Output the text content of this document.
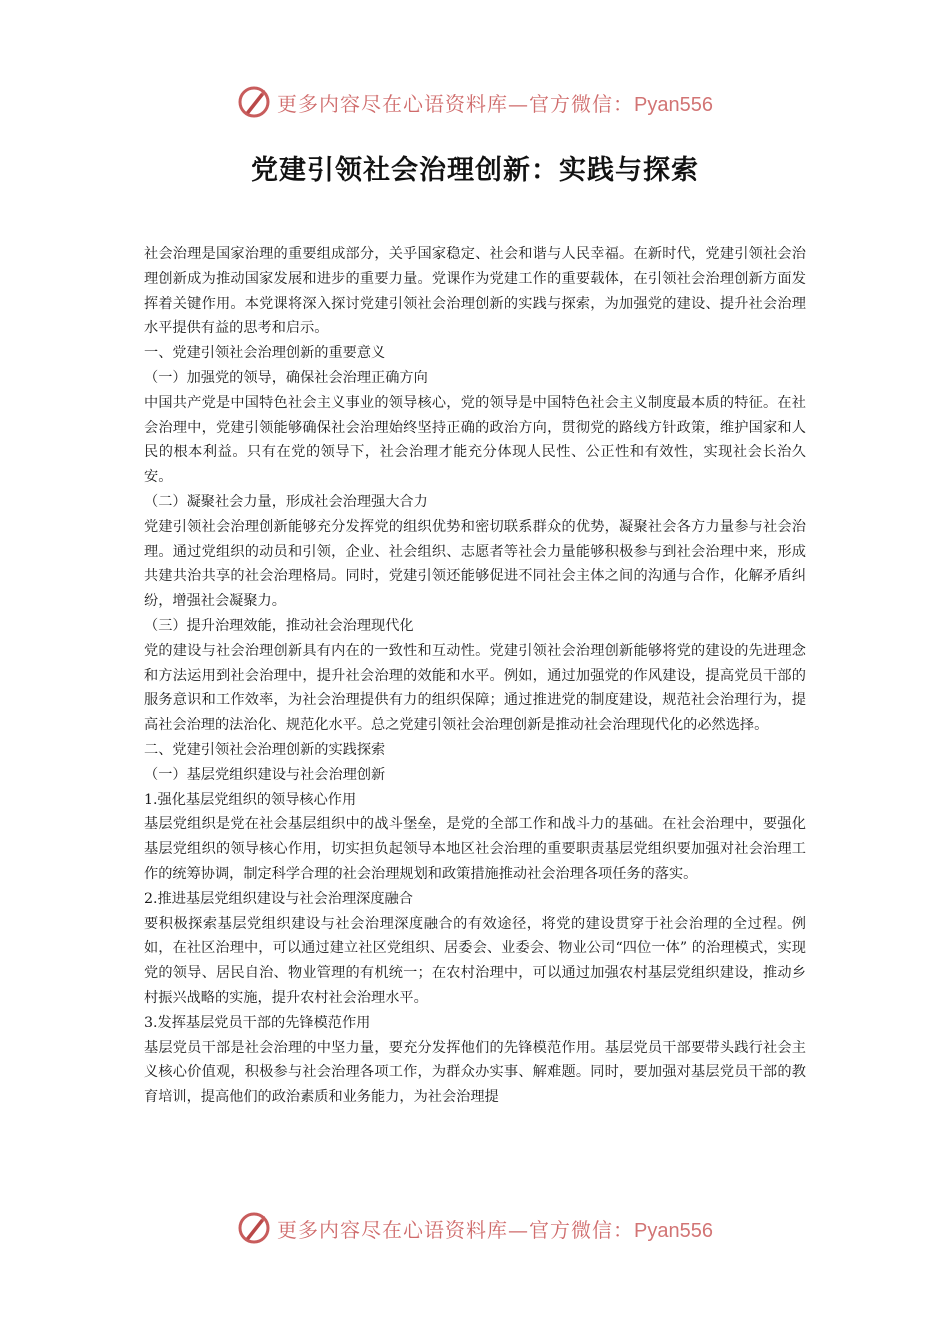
更多内容尽在心语资料库—官方微信：Pyan556
党建引领社会治理创新：实践与探索

社会治理是国家治理的重要组成部分，关乎国家稳定、社会和谐与人民幸福。在新时代，党建引领社会治理创新成为推动国家发展和进步的重要力量。党课作为党建工作的重要载体，在引领社会治理创新方面发挥着关键作用。本党课将深入探讨党建引领社会治理创新的实践与探索，为加强党的建设、提升社会治理水平提供有益的思考和启示。

一、党建引领社会治理创新的重要意义

（一）加强党的领导，确保社会治理正确方向

中国共产党是中国特色社会主义事业的领导核心，党的领导是中国特色社会主义制度最本质的特征。在社会治理中，党建引领能够确保社会治理始终坚持正确的政治方向，贯彻党的路线方针政策，维护国家和人民的根本利益。只有在党的领导下，社会治理才能充分体现人民性、公正性和有效性，实现社会长治久安。

（二）凝聚社会力量，形成社会治理强大合力

党建引领社会治理创新能够充分发挥党的组织优势和密切联系群众的优势，凝聚社会各方力量参与社会治理。通过党组织的动员和引领，企业、社会组织、志愿者等社会力量能够积极参与到社会治理中来，形成共建共治共享的社会治理格局。同时，党建引领还能够促进不同社会主体之间的沟通与合作，化解矛盾纠纷，增强社会凝聚力。

（三）提升治理效能，推动社会治理现代化

党的建设与社会治理创新具有内在的一致性和互动性。党建引领社会治理创新能够将党的建设的先进理念和方法运用到社会治理中，提升社会治理的效能和水平。例如，通过加强党的作风建设，提高党员干部的服务意识和工作效率，为社会治理提供有力的组织保障；通过推进党的制度建设，规范社会治理行为，提高社会治理的法治化、规范化水平。总之党建引领社会治理创新是推动社会治理现代化的必然选择。

二、党建引领社会治理创新的实践探索

（一）基层党组织建设与社会治理创新

1.强化基层党组织的领导核心作用

基层党组织是党在社会基层组织中的战斗堡垒，是党的全部工作和战斗力的基础。在社会治理中，要强化基层党组织的领导核心作用，切实担负起领导本地区社会治理的重要职责基层党组织要加强对社会治理工作的统筹协调，制定科学合理的社会治理规划和政策措施推动社会治理各项任务的落实。

2.推进基层党组织建设与社会治理深度融合

要积极探索基层党组织建设与社会治理深度融合的有效途径，将党的建设贯穿于社会治理的全过程。例如，在社区治理中，可以通过建立社区党组织、居委会、业委会、物业公司“四位一体” 的治理模式，实现党的领导、居民自治、物业管理的有机统一；在农村治理中，可以通过加强农村基层党组织建设，推动乡村振兴战略的实施，提升农村社会治理水平。

3.发挥基层党员干部的先锋模范作用

基层党员干部是社会治理的中坚力量，要充分发挥他们的先锋模范作用。基层党员干部要带头践行社会主义核心价值观，积极参与社会治理各项工作，为群众办实事、解难题。同时，要加强对基层党员干部的教育培训，提高他们的政治素质和业务能力，为社会治理提

更多内容尽在心语资料库—官方微信：Pyan556
